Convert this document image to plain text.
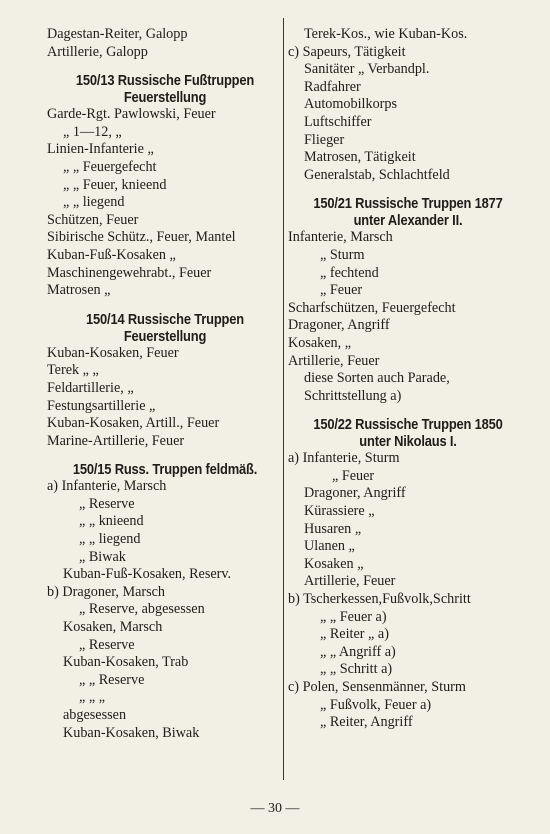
Dagestan-Reiter, Galopp
Artillerie, Galopp
150/13 Russische Fußtruppen
Feuerstellung
Garde-Rgt. Pawlowski, Feuer
„ 1—12, „
Linien-Infanterie „
„ „ Feuergefecht
„ „ Feuer, knieend
„ „ liegend
Schützen, Feuer
Sibirische Schütz., Feuer, Mantel
Kuban-Fuß-Kosaken „
Maschinengewehrabt., Feuer
Matrosen „
150/14 Russische Truppen
Feuerstellung
Kuban-Kosaken, Feuer
Terek „ „
Feldartillerie, „
Festungsartillerie „
Kuban-Kosaken, Artill., Feuer
Marine-Artillerie, Feuer
150/15 Russ. Truppen feldmäß.
a) Infanterie, Marsch
„ Reserve
„ „ knieend
„ „ liegend
„ Biwak
Kuban-Fuß-Kosaken, Reserv.
b) Dragoner, Marsch
„ Reserve, abgesessen
Kosaken, Marsch
„ Reserve
Kuban-Kosaken, Trab
„ „ Reserve
„ „ „
abgesessen
Kuban-Kosaken, Biwak
Terek-Kos., wie Kuban-Kos.
c) Sapeurs, Tätigkeit
Sanitäter „ Verbandpl.
Radfahrer
Automobilkorps
Luftschiffer
Flieger
Matrosen, Tätigkeit
Generalstab, Schlachtfeld
150/21 Russische Truppen 1877
unter Alexander II.
Infanterie, Marsch
„ Sturm
„ fechtend
„ Feuer
Scharfschützen, Feuergefecht
Dragoner, Angriff
Kosaken, „
Artillerie, Feuer
diese Sorten auch Parade,
Schrittstellung a)
150/22 Russische Truppen 1850
unter Nikolaus I.
a) Infanterie, Sturm
„ Feuer
Dragoner, Angriff
Kürassiere „
Husaren „
Ulanen „
Kosaken „
Artillerie, Feuer
b) Tscherkessen,Fußvolk,Schritt
„ „ Feuer a)
„ Reiter „ a)
„ „ Angriff a)
„ „ Schritt a)
c) Polen, Sensenmänner, Sturm
„ Fußvolk, Feuer a)
„ Reiter, Angriff
— 30 —
